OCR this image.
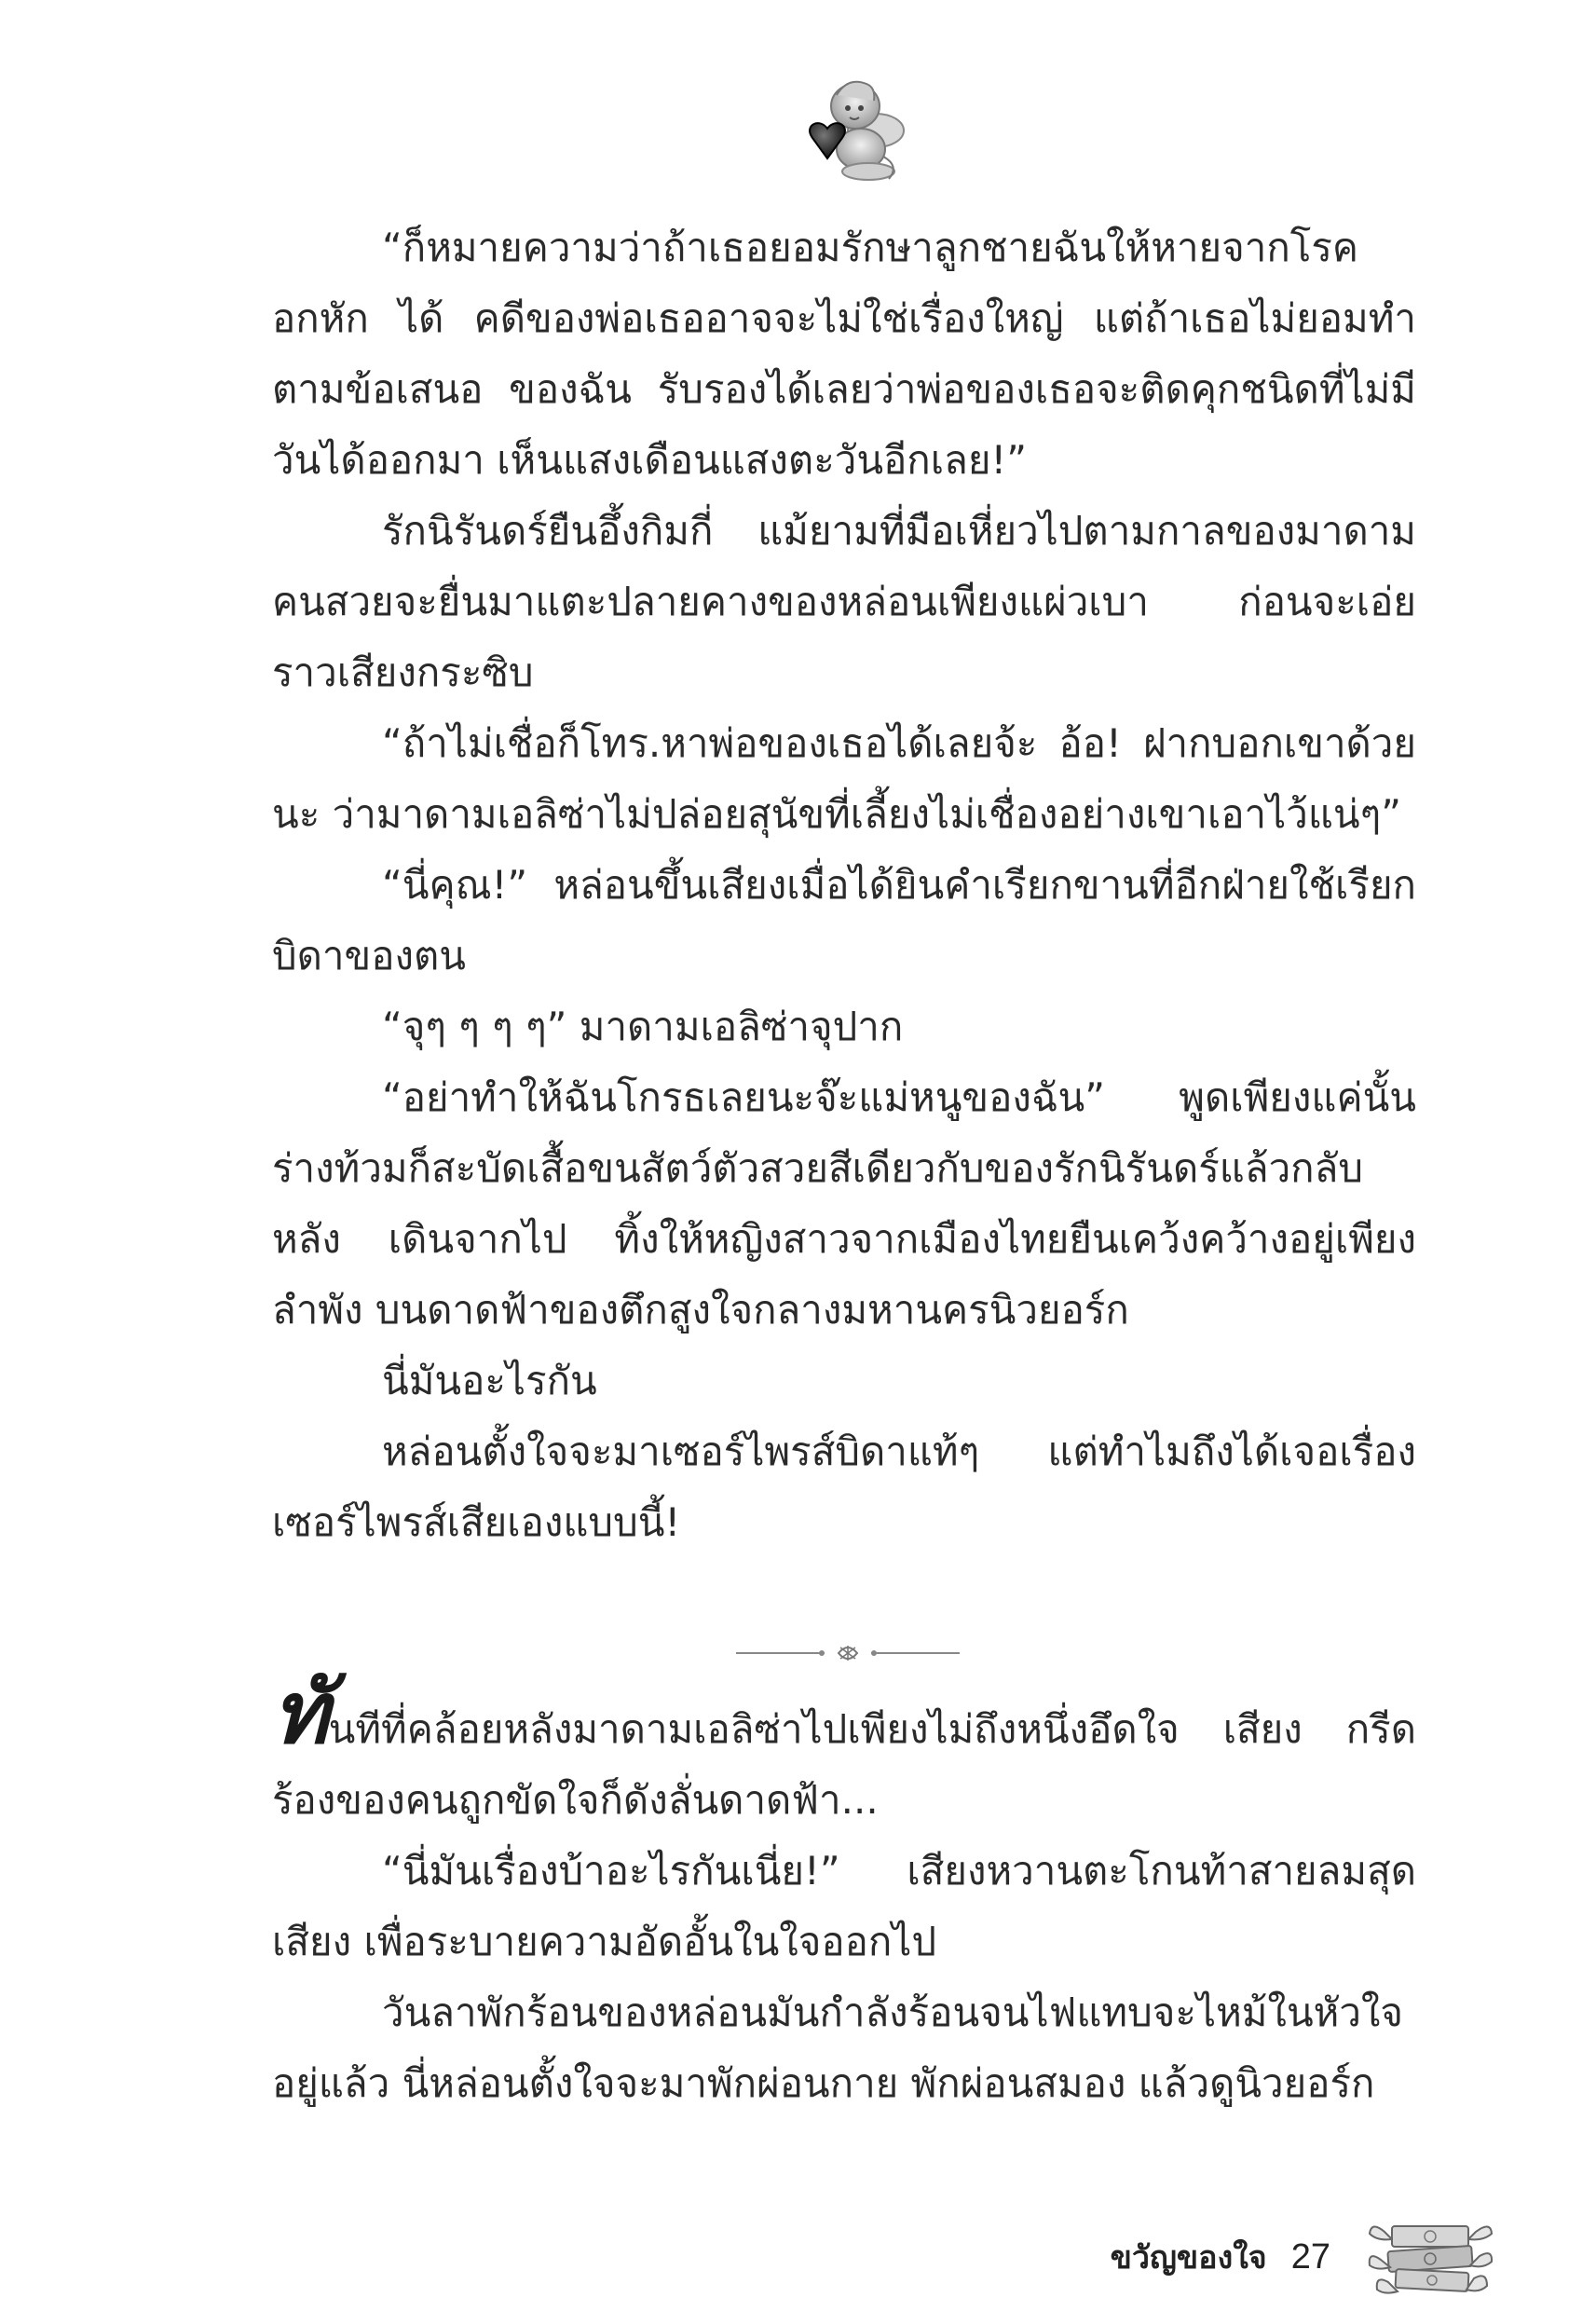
“ก็หมายความว่าถ้าเธอยอมรักษาลูกชายฉันให้หายจากโรคอกหัก ได้ คดีของพ่อเธออาจจะไม่ใช่เรื่องใหญ่ แต่ถ้าเธอไม่ยอมทำตามข้อเสนอ ของฉัน รับรองได้เลยว่าพ่อของเธอจะติดคุกชนิดที่ไม่มีวันได้ออกมา เห็นแสงเดือนแสงตะวันอีกเลย!”

รักนิรันดร์ยืนอึ้งกิมกี่ แม้ยามที่มือเหี่ยวไปตามกาลของมาดาม คนสวยจะยื่นมาแตะปลายคางของหล่อนเพียงแผ่วเบา ก่อนจะเอ่ย ราวเสียงกระซิบ

“ถ้าไม่เชื่อก็โทร.หาพ่อของเธอได้เลยจ้ะ อ้อ! ฝากบอกเขาด้วยนะ ว่ามาดามเอลิซ่าไม่ปล่อยสุนัขที่เลี้ยงไม่เชื่องอย่างเขาเอาไว้แน่ๆ”

“นี่คุณ!” หล่อนขึ้นเสียงเมื่อได้ยินคำเรียกขานที่อีกฝ่ายใช้เรียก บิดาของตน

“จุๆ ๆ ๆ ๆ” มาดามเอลิซ่าจุปาก

“อย่าทำให้ฉันโกรธเลยนะจ๊ะแม่หนูของฉัน” พูดเพียงแค่นั้น ร่างท้วมก็สะบัดเสื้อขนสัตว์ตัวสวยสีเดียวกับของรักนิรันดร์แล้วกลับหลัง เดินจากไป ทิ้งให้หญิงสาวจากเมืองไทยยืนเคว้งคว้างอยู่เพียงลำพัง บนดาดฟ้าของตึกสูงใจกลางมหานครนิวยอร์ก

นี่มันอะไรกัน

หล่อนตั้งใจจะมาเซอร์ไพรส์บิดาแท้ๆ แต่ทำไมถึงได้เจอเรื่อง เซอร์ไพรส์เสียเองแบบนี้!

ทันทีที่คล้อยหลังมาดามเอลิซ่าไปเพียงไม่ถึงหนึ่งอึดใจ เสียง กรีดร้องของคนถูกขัดใจก็ดังลั่นดาดฟ้า...

“นี่มันเรื่องบ้าอะไรกันเนี่ย!” เสียงหวานตะโกนท้าสายลมสุดเสียง เพื่อระบายความอัดอั้นในใจออกไป

วันลาพักร้อนของหล่อนมันกำลังร้อนจนไฟแทบจะไหม้ในหัวใจ อยู่แล้ว นี่หล่อนตั้งใจจะมาพักผ่อนกาย พักผ่อนสมอง แล้วดูนิวยอร์ก

ขวัญของใจ 27
